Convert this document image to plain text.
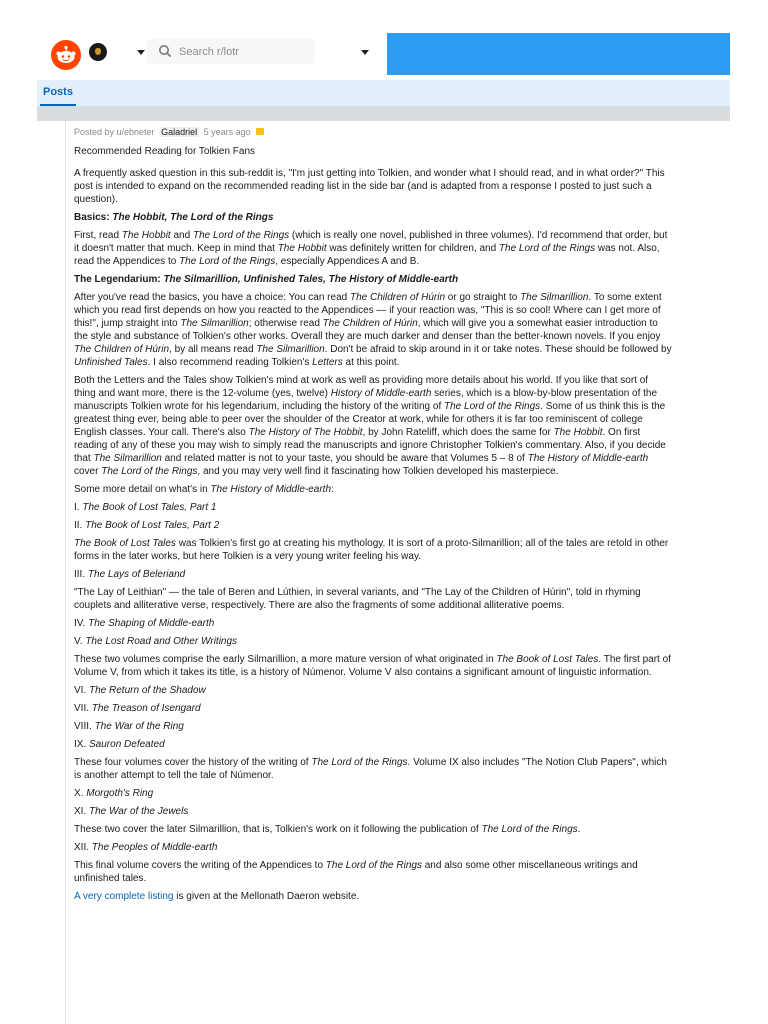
Search r/lotr
Posts
Posted by u/ebneter Galadriel 5 years ago

Recommended Reading for Tolkien Fans

A frequently asked question in this sub-reddit is, "I'm just getting into Tolkien, and wonder what I should read, and in what order?" This post is intended to expand on the recommended reading list in the side bar (and is adapted from a response I posted to just such a question).

Basics: The Hobbit, The Lord of the Rings

First, read The Hobbit and The Lord of the Rings (which is really one novel, published in three volumes). I'd recommend that order, but it doesn't matter that much. Keep in mind that The Hobbit was definitely written for children, and The Lord of the Rings was not. Also, read the Appendices to The Lord of the Rings, especially Appendices A and B.

The Legendarium: The Silmarillion, Unfinished Tales, The History of Middle-earth

After you've read the basics, you have a choice: You can read The Children of Húrin or go straight to The Silmarillion. To some extent which you read first depends on how you reacted to the Appendices — if your reaction was, "This is so cool! Where can I get more of this!", jump straight into The Silmarillion; otherwise read The Children of Húrin, which will give you a somewhat easier introduction to the style and substance of Tolkien's other works. Overall they are much darker and denser than the better-known novels. If you enjoy The Children of Húrin, by all means read The Silmarillion. Don't be afraid to skip around in it or take notes. These should be followed by Unfinished Tales. I also recommend reading Tolkien's Letters at this point.

Both the Letters and the Tales show Tolkien's mind at work as well as providing more details about his world. If you like that sort of thing and want more, there is the 12-volume (yes, twelve) History of Middle-earth series, which is a blow-by-blow presentation of the manuscripts Tolkien wrote for his legendarium, including the history of the writing of The Lord of the Rings. Some of us think this is the greatest thing ever, being able to peer over the shoulder of the Creator at work, while for others it is far too reminiscent of college English classes. Your call. There's also The History of The Hobbit, by John Rateliff, which does the same for The Hobbit. On first reading of any of these you may wish to simply read the manuscripts and ignore Christopher Tolkien's commentary. Also, if you decide that The Silmarillion and related matter is not to your taste, you should be aware that Volumes 5 – 8 of The History of Middle-earth cover The Lord of the Rings, and you may very well find it fascinating how Tolkien developed his masterpiece.

Some more detail on what's in The History of Middle-earth:

I. The Book of Lost Tales, Part 1

II. The Book of Lost Tales, Part 2

The Book of Lost Tales was Tolkien's first go at creating his mythology. It is sort of a proto-Silmarillion; all of the tales are retold in other forms in the later works, but here Tolkien is a very young writer feeling his way.

III. The Lays of Beleriand

"The Lay of Leithian" — the tale of Beren and Lúthien, in several variants, and "The Lay of the Children of Húrin", told in rhyming couplets and alliterative verse, respectively. There are also the fragments of some additional alliterative poems.

IV. The Shaping of Middle-earth

V. The Lost Road and Other Writings

These two volumes comprise the early Silmarillion, a more mature version of what originated in The Book of Lost Tales. The first part of Volume V, from which it takes its title, is a history of Númenor. Volume V also contains a significant amount of linguistic information.

VI. The Return of the Shadow

VII. The Treason of Isengard

VIII. The War of the Ring

IX. Sauron Defeated

These four volumes cover the history of the writing of The Lord of the Rings. Volume IX also includes "The Notion Club Papers", which is another attempt to tell the tale of Númenor.

X. Morgoth's Ring

XI. The War of the Jewels

These two cover the later Silmarillion, that is, Tolkien's work on it following the publication of The Lord of the Rings.

XII. The Peoples of Middle-earth

This final volume covers the writing of the Appendices to The Lord of the Rings and also some other miscellaneous writings and unfinished tales.

A very complete listing is given at the Mellonath Daeron website.
